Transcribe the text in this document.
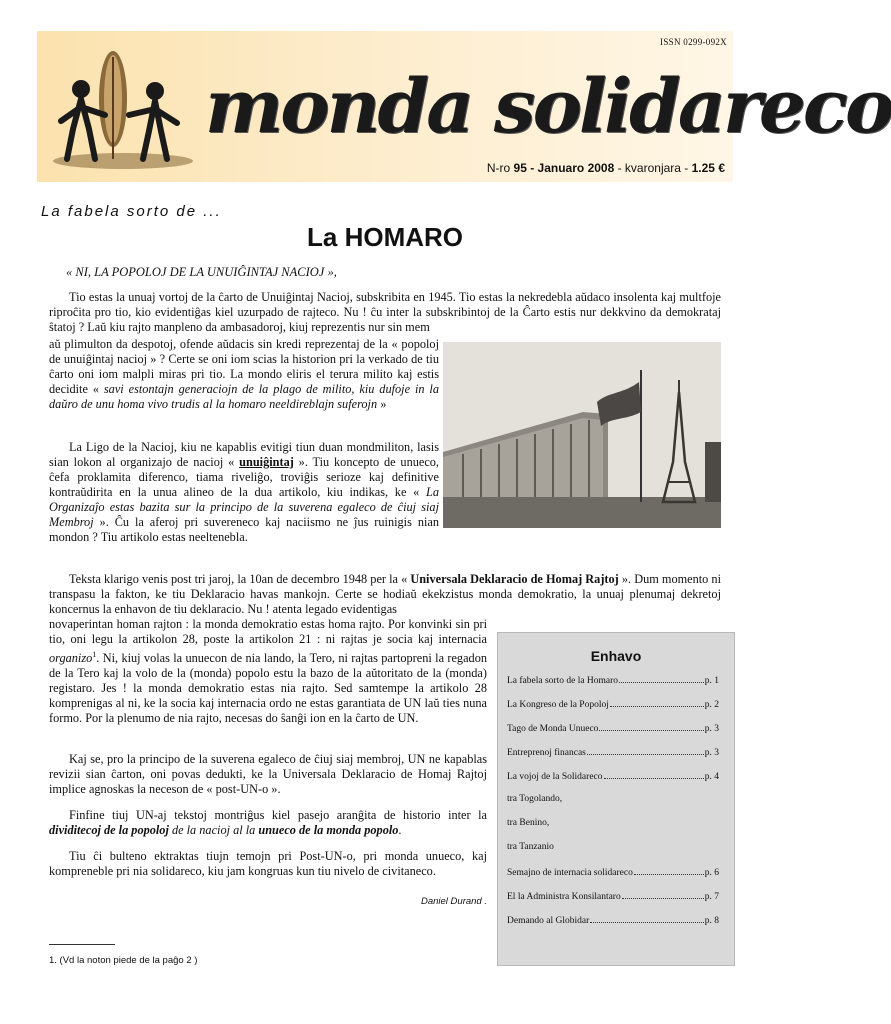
ISSN 0299-092X
monda solidareco
N-ro 95 - Januaro 2008 - kvaronjara - 1.25 €
La fabela sorto de ...
La HOMARO
« NI, LA POPOLOJ DE LA UNUIĜINTAJ NACIOJ »,

Tio estas la unuaj vortoj de la ĉarto de Unuiĝintaj Nacioj, subskribita en 1945. Tio estas la nekredebla aŭdaco insolenta kaj multfoje riproĉita pro tio, kio evidentiĝas kiel uzurpado de rajteco. Nu ! ĉu inter la subskribintoj de la Ĉarto estis nur dekkvino da demokrataj ŝtatoj ? Laŭ kiu rajto manpleno da ambasadoroj, kiuj reprezentis nur sin mem

aŭ plimulton da despotoj, ofende aŭdacis sin kredi reprezentaj de la « popoloj de unuiĝintaj nacioj » ? Certe se oni iom scias la historion pri la verkado de tiu ĉarto oni iom malpli miras pri tio. La mondo eliris el terura milito kaj estis decidite « savi estontajn generaciojn de la plago de milito, kiu dufoje in la daŭro de unu homa vivo trudis al la homaro neeldireblajn suferojn »

La Ligo de la Nacioj, kiu ne kapablis evitigi tiun duan mondmiliton, lasis sian lokon al organizajo de nacioj « unuiĝintaj ». Tiu koncepto de unueco, ĉefa proklamita diferenco, tiama riveliĝo, troviĝis serioze kaj definitive kontraŭdirita en la unua alineo de la dua artikolo, kiu indikas, ke « La Organizaĵo estas bazita sur la principo de la suverena egaleco de ĉiuj siaj Membroj ». Ĉu la aferoj pri suvereneco kaj naciismo ne ĵus ruinigis nian mondon ? Tiu artikolo estas neeltenebla.

Teksta klarigo venis post tri jaroj, la 10an de decembro 1948 per la « Universala Deklaracio de Homaj Rajtoj ». Dum momento ni transpasu la fakton, ke tiu Deklaracio havas mankojn. Certe se hodiaŭ ekekzistus monda demokratio, la unuaj plenumaj dekretoj koncernus la enhavon de tiu deklaracio. Nu ! atenta legado evidentigas

novaperintan homan rajton : la monda demokratio estas homa rajto. Por konvinki sin pri tio, oni legu la artikolon 28, poste la artikolon 21 : ni rajtas je socia kaj internacia organizo$^1$. Ni, kiuj volas la unuecon de nia lando, la Tero, ni rajtas partopreni la regadon de la Tero kaj la volo de la (monda) popolo estu la bazo de la aŭtoritato de la (monda) registaro. Jes ! la monda demokratio estas nia rajto. Sed samtempe la artikolo 28 komprenigas al ni, ke la socia kaj internacia ordo ne estas garantiata de UN laŭ ties nuna formo. Por la plenumo de nia rajto, necesas do ŝanĝi ion en la ĉarto de UN.

Kaj se, pro la principo de la suverena egaleco de ĉiuj siaj membroj, UN ne kapablas revizii sian ĉarton, oni povas dedukti, ke la Universala Deklaracio de Homaj Rajtoj implice agnoskas la neceson de « post-UN-o ».

Finfine tiuj UN-aj tekstoj montriĝus kiel pasejo aranĝita de historio inter la dividitecoj de la popoloj de la nacioj al la unueco de la monda popolo.

Tiu ĉi bulteno ektraktas tiujn temojn pri Post-UN-o, pri monda unueco, kaj kompreneble pri nia solidareco, kiu jam kongruas kun tiu nivelo de civitaneco.

Daniel Durand .
1. (Vd la noton piede de la paĝo 2 )
Enhavo
La fabela sorto de la Homaro	p. 1
La Kongreso de la Popoloj	p. 2
Tago de Monda Unueco	p. 3
Entreprenoj financas	p. 3
La vojoj de la Solidareco	p. 4
tra Togolando,
tra Benino,
tra Tanzanio
Semajno de internacia solidareco	p. 6
El la Administra Konsilantaro	p. 7
Demando al Globidar	p. 8
